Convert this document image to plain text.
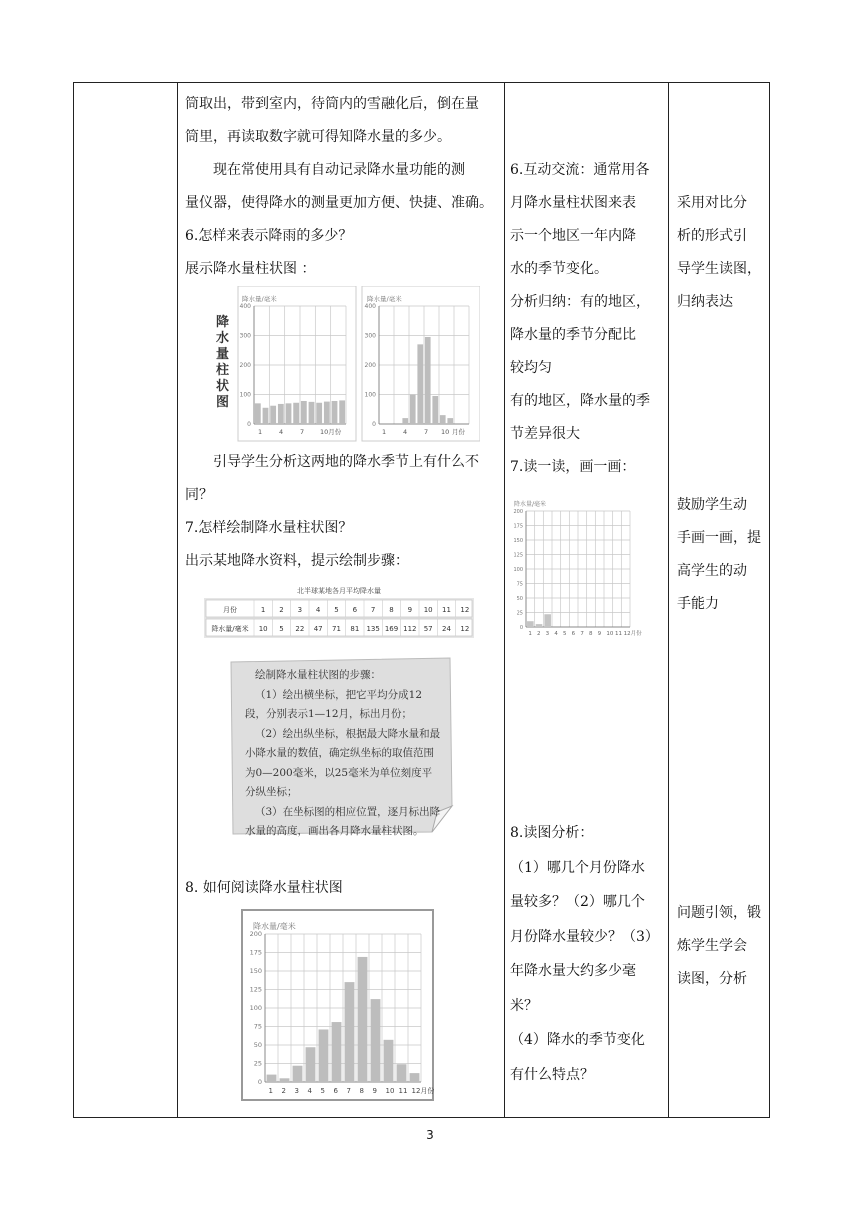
筒取出，带到室内，待筒内的雪融化后，倒在量
筒里，再读取数字就可得知降水量的多少。
现在常使用具有自动记录降水量功能的测
量仪器，使得降水的测量更加方便、快捷、准确。
6.怎样来表示降雨的多少？
展示降水量柱状图 ：
降水量柱状图
0
100
200
300
400
降水量/毫米
1	4	7 10月份
0
100
200
300
400
降水量/毫米
1	4	7 10 月份
引导学生分析这两地的降水季节上有什么不
同？
7.怎样绘制降水量柱状图？
出示某地降水资料，提示绘制步骤：
北半球某地各月平均降水量
月份	1 2 3 4 5 6 7 8 9 10 11 12
降水量/毫米 10 5 22 47 71 81 135 169 112 57 24 12

绘制降水量柱状图的步骤：

（1）绘出横坐标，把它平均分成12段，分别表示1—12月，标出月份；

（2）绘出纵坐标，根据最大降水量和最小降水量的数值，确定纵坐标的取值范围为0—200毫米，以25毫米为单位刻度平分纵坐标；

（3）在坐标图的相应位置，逐月标出降水量的高度，画出各月降水量柱状图。

8. 如何阅读降水量柱状图
0
25
50
75
100
125
150
175
200
降水量/毫米
1 2 3 4 5 6 7 8 9 10 11 12月份
6.互动交流：通常用各
月降水量柱状图来表
示一个地区一年内降
水的季节变化。
分析归纳：有的地区，
降水量的季节分配比
较均匀
有的地区，降水量的季
节差异很大
7.读一读，画一画：
0
25
50
75
100
125
150
175
200
降水量/毫米
1 2 3 4 5 6 7 8 9 10 11 12月份
8.读图分析：
（1）哪几个月份降水
量较多？（2）哪几个
月份降水量较少？（3）
年降水量大约多少毫
米？
（4）降水的季节变化
有什么特点？
采用对比分
析的形式引
导学生读图，
归纳表达
鼓励学生动
手画一画，提
高学生的动
手能力
问题引领，锻
炼学生学会
读图，分析
3
